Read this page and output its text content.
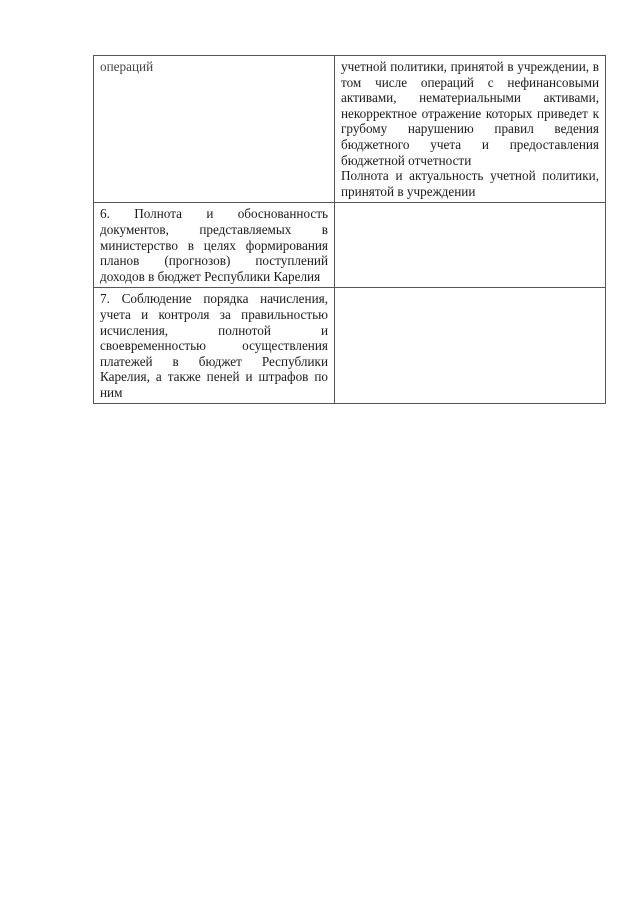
операций	учетной политики, принятой в учреждении, в том числе операций с нефинансовыми активами, нематериальными активами, некорректное отражение которых приведет к грубому нарушению правил ведения бюджетного учета и предоставления бюджетной отчетности
Полнота и актуальность учетной политики, принятой в учреждении

6. Полнота и обоснованность документов, представляемых в министерство в целях формирования планов (прогнозов) поступлений доходов в бюджет Республики Карелия	

7. Соблюдение порядка начисления, учета и контроля за правильностью исчисления, полнотой и своевременностью осуществления платежей в бюджет Республики Карелия, а также пеней и штрафов по ним	
